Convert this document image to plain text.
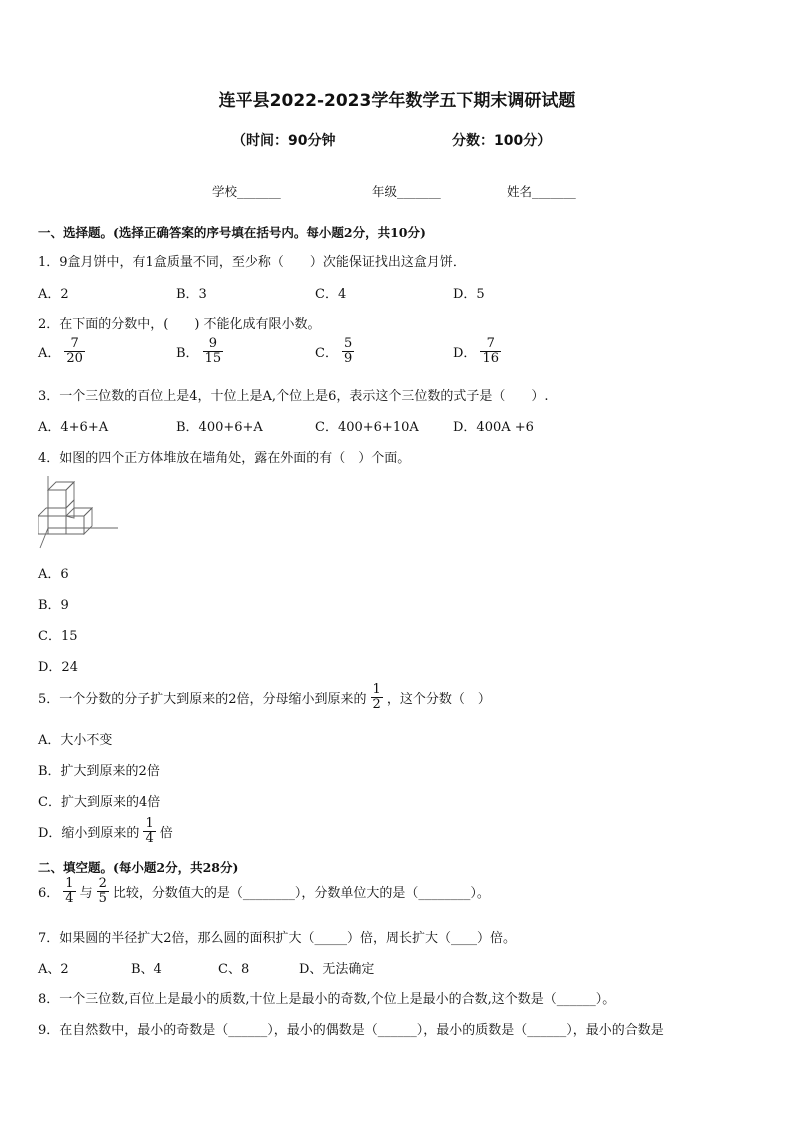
连平县2022-2023学年数学五下期末调研试题
（时间：90分钟	分数：100分）
学校_______	年级_______	姓名_______
一、选择题。(选择正确答案的序号填在括号内。每小题2分，共10分)
1．9盒月饼中，有1盒质量不同，至少称（　　）次能保证找出这盒月饼．
A．2	B．3	C．4	D．5
2．在下面的分数中，(　　) 不能化成有限小数。
A． $\frac{7}{20}$	B． $\frac{9}{15}$	C． $\frac{5}{9}$	D． $\frac{7}{16}$
3．一个三位数的百位上是4，十位上是A,个位上是6，表示这个三位数的式子是（　　）.
A．4+6+A	B．400+6+A	C．400+6+10A	D．400A +6
4．如图的四个正方体堆放在墙角处，露在外面的有（　）个面。
A．6
B．9
C．15
D．24
5．一个分数的分子扩大到原来的2倍，分母缩小到原来的 $\frac{1}{2}$ ，这个分数（　）
A．大小不变
B．扩大到原来的2倍
C．扩大到原来的4倍
D．缩小到原来的 $\frac{1}{4}$ 倍
二、填空题。(每小题2分，共28分)
6． $\frac{1}{4}$ 与 $\frac{2}{5}$ 比较，分数值大的是（________），分数单位大的是（________）。
7．如果圆的半径扩大2倍，那么圆的面积扩大（_____）倍，周长扩大（____）倍。
A、2	B、4	C、8	D、无法确定
8．一个三位数,百位上是最小的质数,十位上是最小的奇数,个位上是最小的合数,这个数是（______）。
9．在自然数中，最小的奇数是（______），最小的偶数是（______），最小的质数是（______），最小的合数是
